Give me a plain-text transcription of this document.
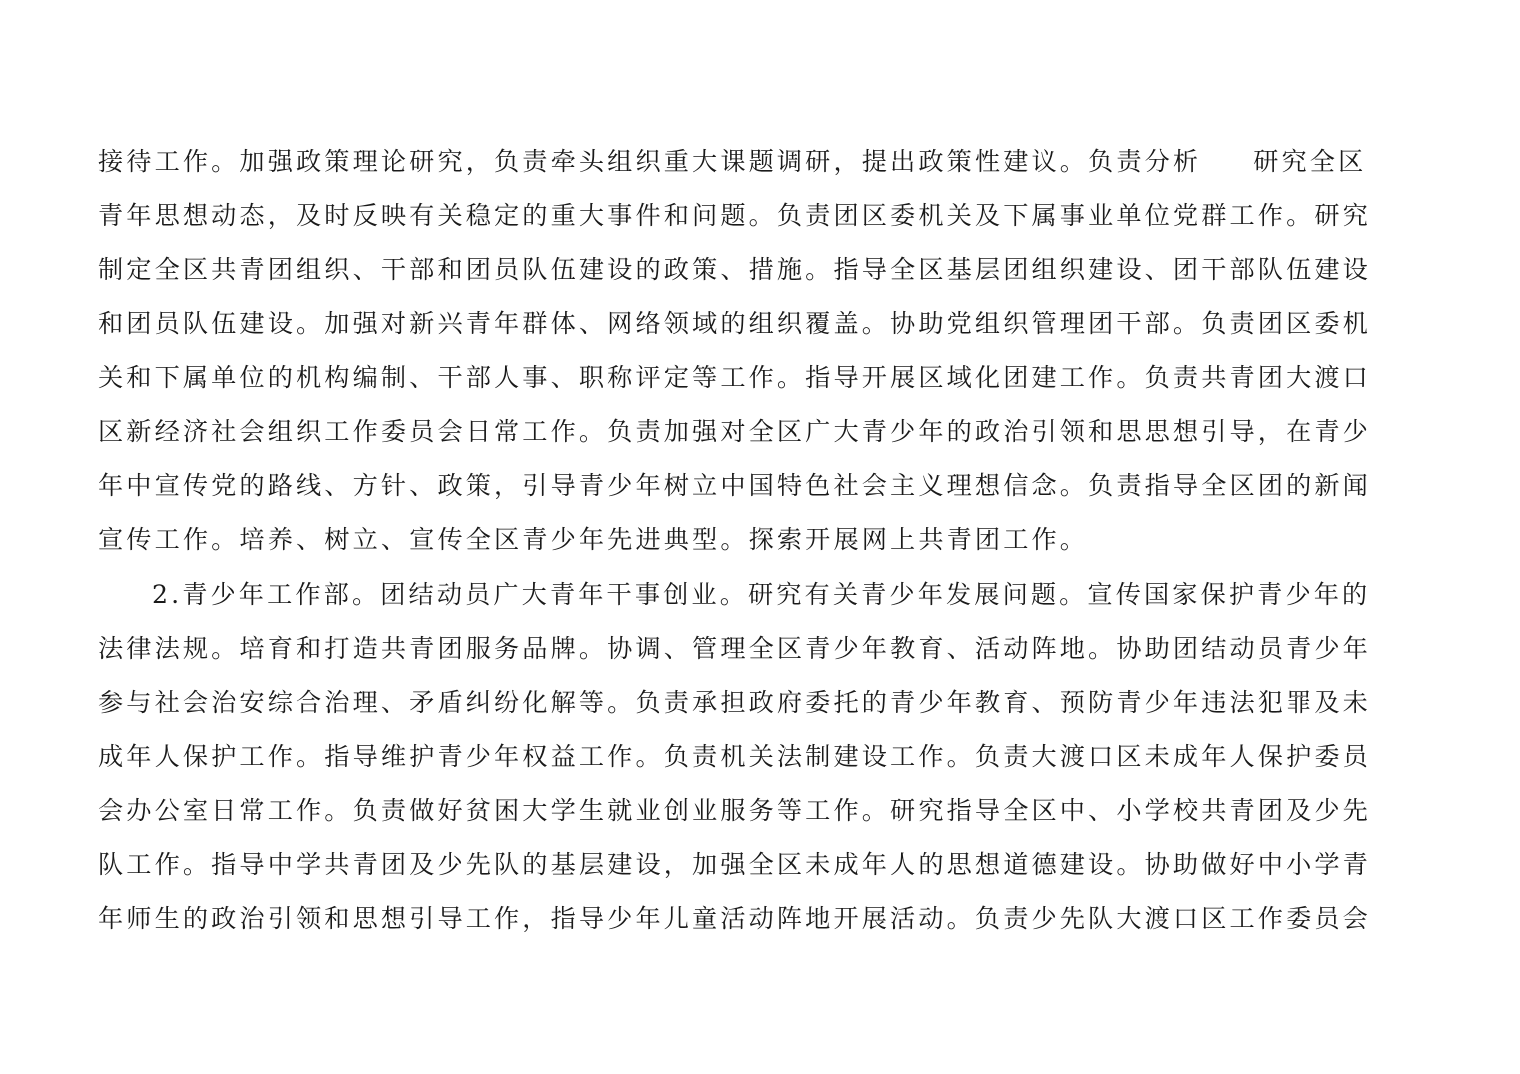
接待工作。加强政策理论研究，负责牵头组织重大课题调研，提出政策性建议。负责分析 研究全区
青年思想动态，及时反映有关稳定的重大事件和问题。负责团区委机关及下属事业单位党群工作。研究
制定全区共青团组织、干部和团员队伍建设的政策、措施。指导全区基层团组织建设、团干部队伍建设
和团员队伍建设。加强对新兴青年群体、网络领域的组织覆盖。协助党组织管理团干部。负责团区委机
关和下属单位的机构编制、干部人事、职称评定等工作。指导开展区域化团建工作。负责共青团大渡口
区新经济社会组织工作委员会日常工作。负责加强对全区广大青少年的政治引领和思思想引导，在青少
年中宣传党的路线、方针、政策，引导青少年树立中国特色社会主义理想信念。负责指导全区团的新闻
宣传工作。培养、树立、宣传全区青少年先进典型。探索开展网上共青团工作。
2.青少年工作部。团结动员广大青年干事创业。研究有关青少年发展问题。宣传国家保护青少年的
法律法规。培育和打造共青团服务品牌。协调、管理全区青少年教育、活动阵地。协助团结动员青少年
参与社会治安综合治理、矛盾纠纷化解等。负责承担政府委托的青少年教育、预防青少年违法犯罪及未
成年人保护工作。指导维护青少年权益工作。负责机关法制建设工作。负责大渡口区未成年人保护委员
会办公室日常工作。负责做好贫困大学生就业创业服务等工作。研究指导全区中、小学校共青团及少先
队工作。指导中学共青团及少先队的基层建设，加强全区未成年人的思想道德建设。协助做好中小学青
年师生的政治引领和思想引导工作，指导少年儿童活动阵地开展活动。负责少先队大渡口区工作委员会
